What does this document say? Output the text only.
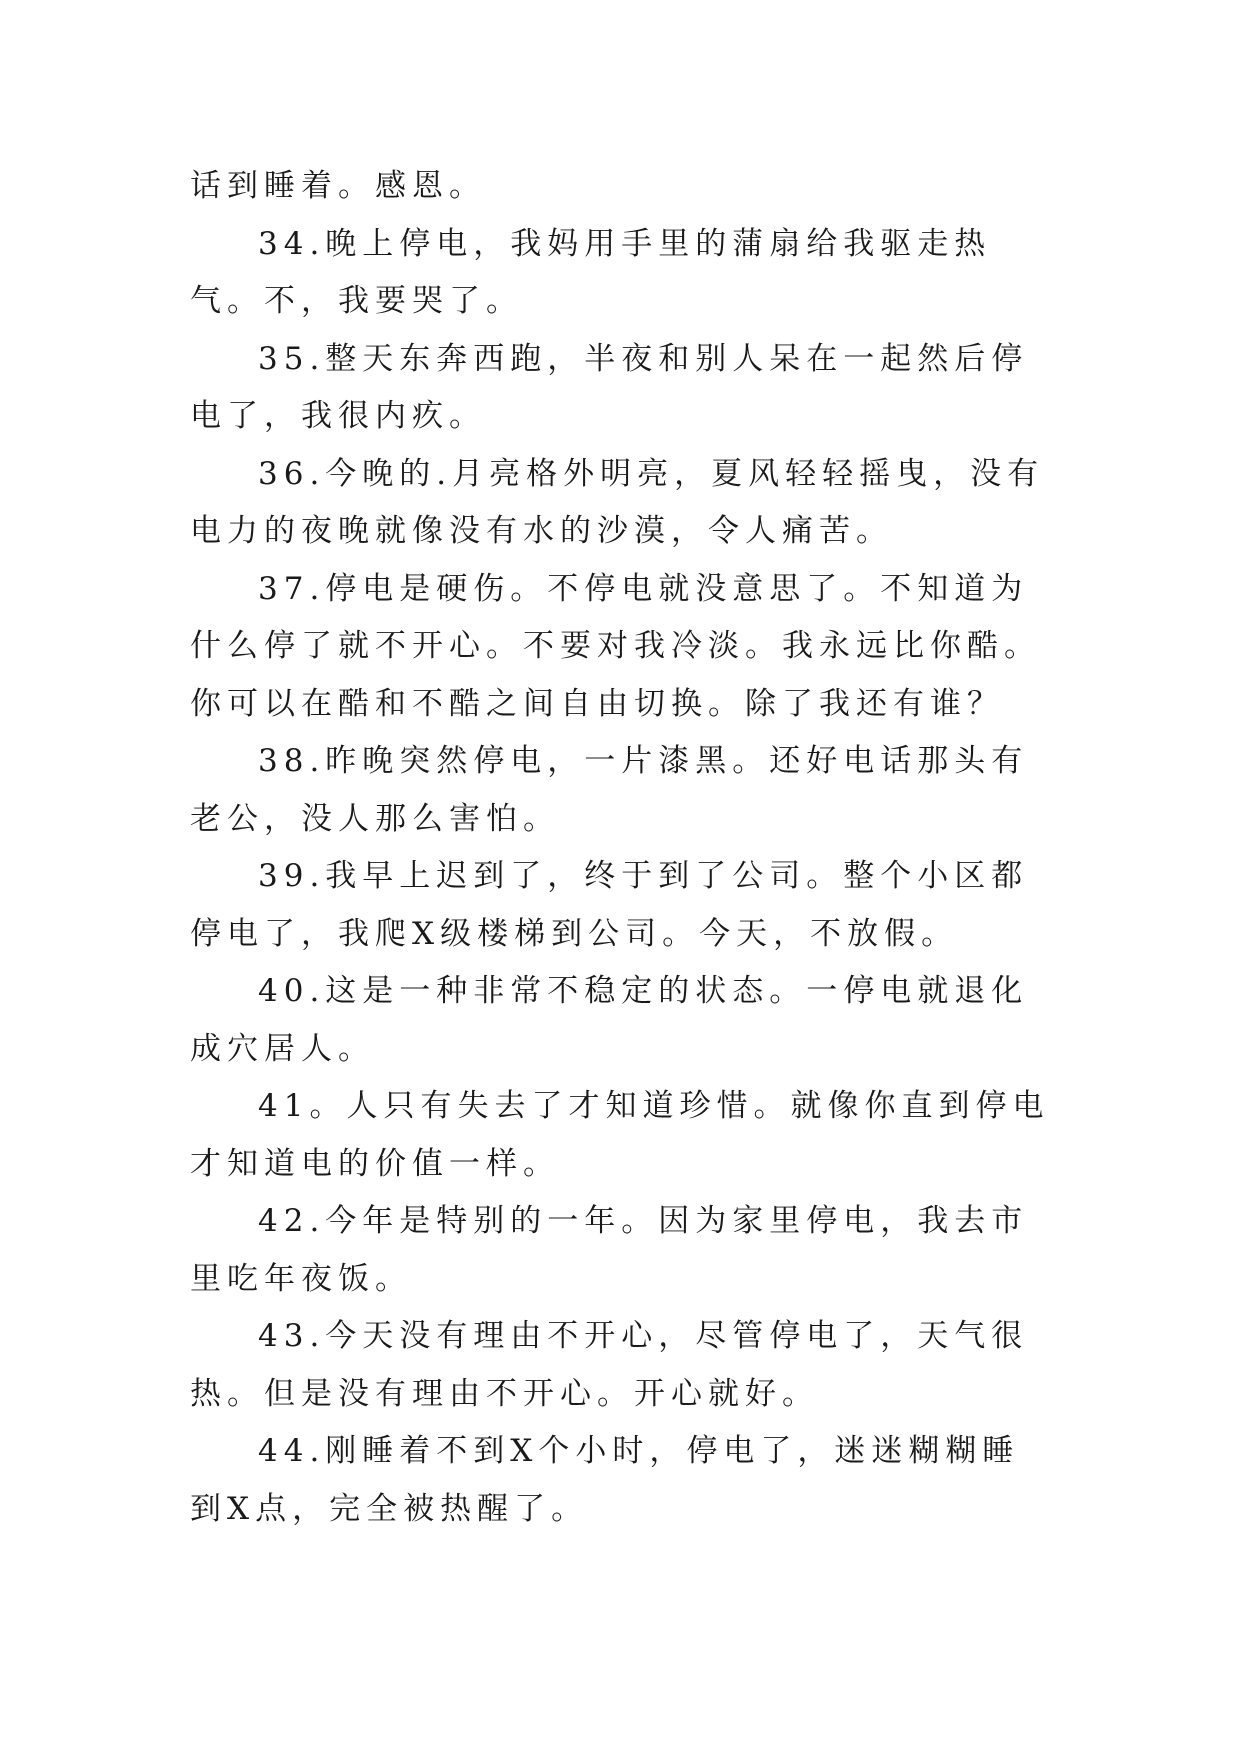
话到睡着。感恩。

34.晚上停电，我妈用手里的蒲扇给我驱走热气。不，我要哭了。

35.整天东奔西跑，半夜和别人呆在一起然后停电了，我很内疚。

36.今晚的.月亮格外明亮，夏风轻轻摇曳，没有电力的夜晚就像没有水的沙漠，令人痛苦。

37.停电是硬伤。不停电就没意思了。不知道为什么停了就不开心。不要对我冷淡。我永远比你酷。你可以在酷和不酷之间自由切换。除了我还有谁？

38.昨晚突然停电，一片漆黑。还好电话那头有老公，没人那么害怕。

39.我早上迟到了，终于到了公司。整个小区都停电了，我爬X级楼梯到公司。今天，不放假。

40.这是一种非常不稳定的状态。一停电就退化成穴居人。

41。人只有失去了才知道珍惜。就像你直到停电才知道电的价值一样。

42.今年是特别的一年。因为家里停电，我去市里吃年夜饭。

43.今天没有理由不开心，尽管停电了，天气很热。但是没有理由不开心。开心就好。

44.刚睡着不到X个小时，停电了，迷迷糊糊睡到X点，完全被热醒了。
